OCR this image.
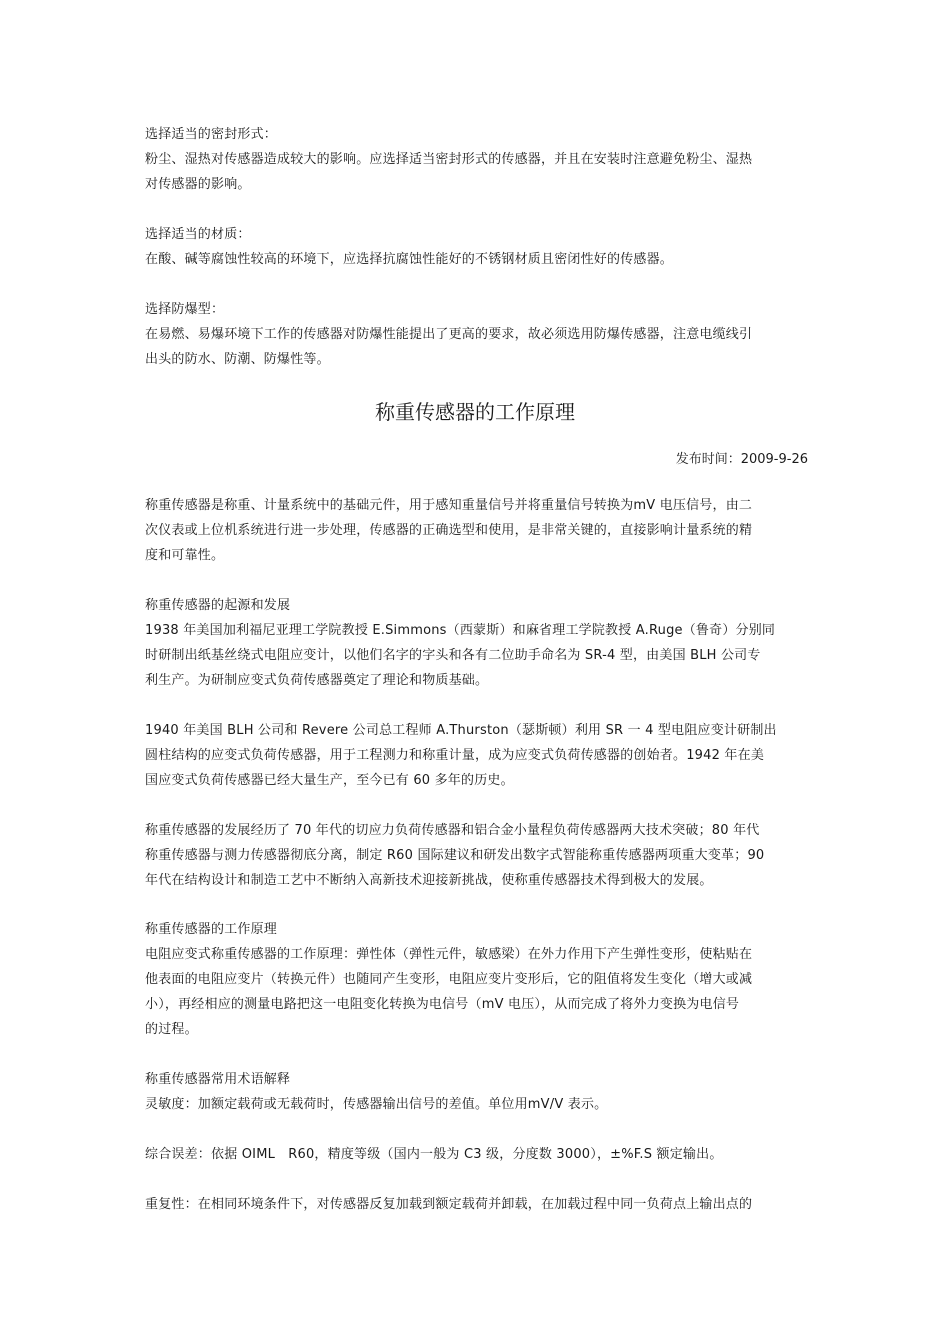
选择适当的密封形式：

粉尘、湿热对传感器造成较大的影响。应选择适当密封形式的传感器，并且在安装时注意避免粉尘、湿热

对传感器的影响。

选择适当的材质：

在酸、碱等腐蚀性较高的环境下，应选择抗腐蚀性能好的不锈钢材质且密闭性好的传感器。

选择防爆型：

在易燃、易爆环境下工作的传感器对防爆性能提出了更高的要求，故必须选用防爆传感器，注意电缆线引

出头的防水、防潮、防爆性等。

称重传感器的工作原理
发布时间：2009-9-26

称重传感器是称重、计量系统中的基础元件，用于感知重量信号并将重量信号转换为mV 电压信号，由二

次仪表或上位机系统进行进一步处理，传感器的正确选型和使用，是非常关键的，直接影响计量系统的精

度和可靠性。

称重传感器的起源和发展

1938 年美国加利福尼亚理工学院教授 E.Simmons（西蒙斯）和麻省理工学院教授 A.Ruge（鲁奇）分别同

时研制出纸基丝绕式电阻应变计，以他们名字的字头和各有二位助手命名为 SR-4 型，由美国 BLH 公司专

利生产。为研制应变式负荷传感器奠定了理论和物质基础。

1940 年美国 BLH 公司和 Revere 公司总工程师 A.Thurston（瑟斯顿）利用 SR 一 4 型电阻应变计研制出

圆柱结构的应变式负荷传感器，用于工程测力和称重计量，成为应变式负荷传感器的创始者。1942 年在美

国应变式负荷传感器已经大量生产，至今已有 60 多年的历史。

称重传感器的发展经历了 70 年代的切应力负荷传感器和铝合金小量程负荷传感器两大技术突破；80 年代

称重传感器与测力传感器彻底分离，制定 R60 国际建议和研发出数字式智能称重传感器两项重大变革；90

年代在结构设计和制造工艺中不断纳入高新技术迎接新挑战，使称重传感器技术得到极大的发展。

称重传感器的工作原理

电阻应变式称重传感器的工作原理：弹性体（弹性元件，敏感梁）在外力作用下产生弹性变形，使粘贴在

他表面的电阻应变片（转换元件）也随同产生变形，电阻应变片变形后，它的阻值将发生变化（增大或减

小），再经相应的测量电路把这一电阻变化转换为电信号（mV 电压），从而完成了将外力变换为电信号

的过程。

称重传感器常用术语解释

灵敏度：加额定载荷或无载荷时，传感器输出信号的差值。单位用mV/V 表示。

综合误差：依据 OIML　R60，精度等级（国内一般为 C3 级，分度数 3000），±%F.S 额定输出。

重复性：在相同环境条件下，对传感器反复加载到额定载荷并卸载，在加载过程中同一负荷点上输出点的
